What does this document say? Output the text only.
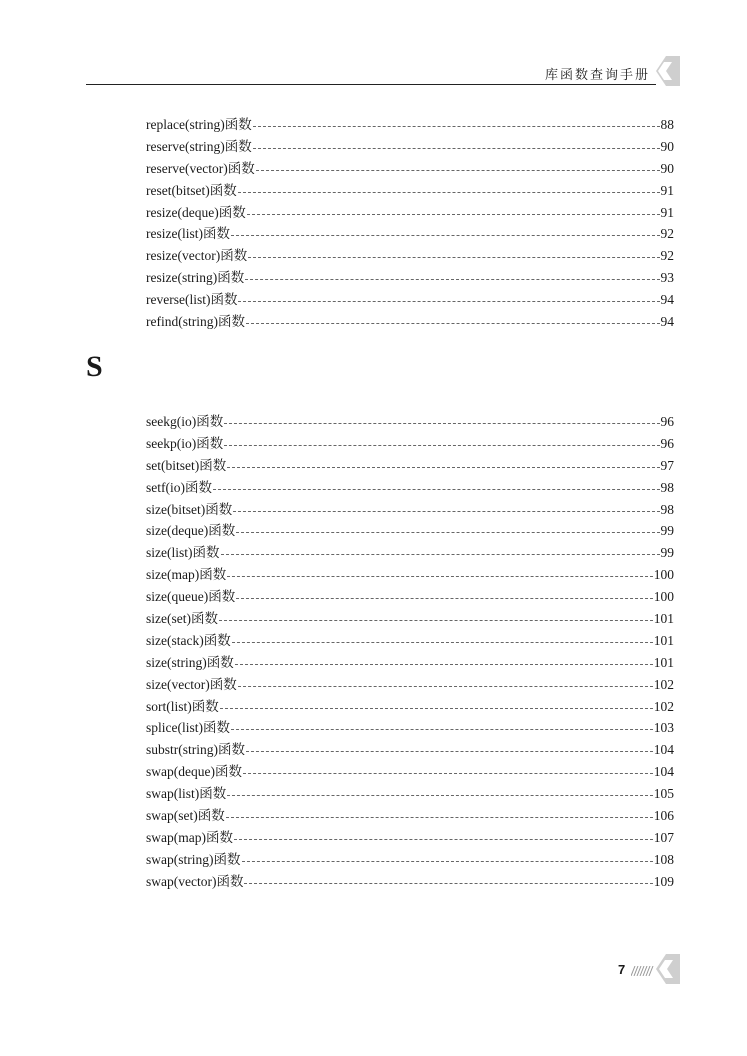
库函数查询手册
replace(string)函数	88
reserve(string)函数	90
reserve(vector)函数	90
reset(bitset)函数	91
resize(deque)函数	91
resize(list)函数	92
resize(vector)函数	92
resize(string)函数	93
reverse(list)函数	94
refind(string)函数	94
S
seekg(io)函数	96
seekp(io)函数	96
set(bitset)函数	97
setf(io)函数	98
size(bitset)函数	98
size(deque)函数	99
size(list)函数	99
size(map)函数	100
size(queue)函数	100
size(set)函数	101
size(stack)函数	101
size(string)函数	101
size(vector)函数	102
sort(list)函数	102
splice(list)函数	103
substr(string)函数	104
swap(deque)函数	104
swap(list)函数	105
swap(set)函数	106
swap(map)函数	107
swap(string)函数	108
swap(vector)函数	109
7
